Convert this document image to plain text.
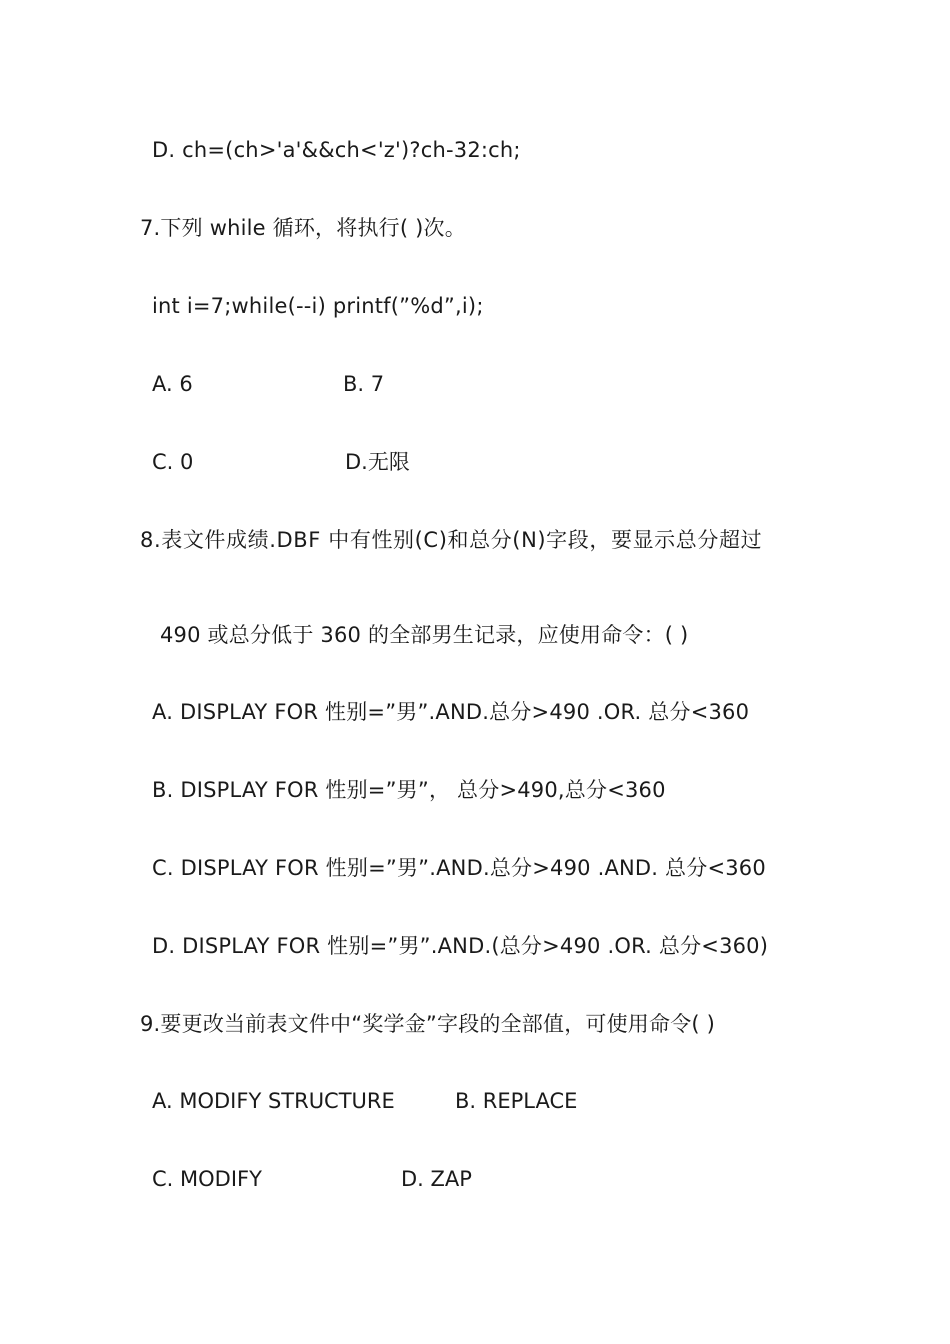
D. ch=(ch>'a'&&ch<'z')?ch-32:ch;
7.下列 while 循环，将执行( )次。
int i=7;while(--i) printf(”%d”,i);
A. 6	B. 7
C. 0	D.无限
8.表文件成绩.DBF 中有性别(C)和总分(N)字段，要显示总分超过
490 或总分低于 360 的全部男生记录，应使用命令：( )
A. DISPLAY FOR 性别=”男”.AND.总分>490 .OR. 总分<360
B. DISPLAY FOR 性别=”男”， 总分>490,总分<360
C. DISPLAY FOR 性别=”男”.AND.总分>490 .AND. 总分<360
D. DISPLAY FOR 性别=”男”.AND.(总分>490 .OR. 总分<360)
9.要更改当前表文件中“奖学金”字段的全部值，可使用命令( )
A. MODIFY STRUCTURE	B. REPLACE
C. MODIFY	D. ZAP
